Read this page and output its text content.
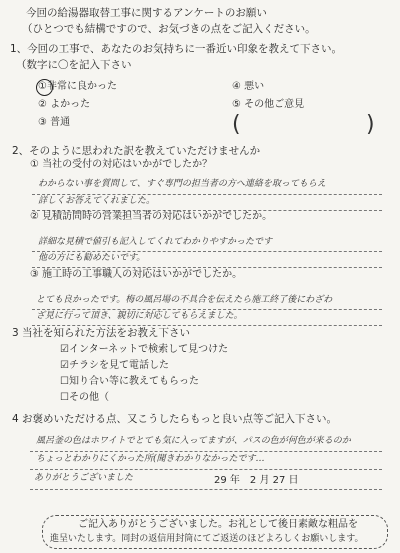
今回の給湯器取替工事に関するアンケートのお願い
（ひとつでも結構ですので、お気づきの点をご記入ください。
1、今回の工事で、あなたのお気持ちに一番近い印象を教えて下さい。
（数字に〇を記入下さい
①非常に良かった
② よかった
③ 普通
④ 悪い
⑤ その他ご意見
(	)
2、そのように思われた訳を教えていただけませんか
① 当社の受付の対応はいかがでしたか？
わからない事を質問して、すぐ専門の担当者の方へ連絡を取ってもらえ
詳しくお答えてくれました。
② 見積訪問時の営業担当者の対応はいかがでしたか。
詳細な見積で値引も記入してくれてわかりやすかったです
他の方にも勧めたいです。
③ 施工時の工事職人の対応はいかがでしたか。
とても良かったです。梅の風呂場の不具合を伝えたら施工終了後にわざわ
ざ見に行って頂き、親切に対応してもらえました。
3 当社を知られた方法をお教え下さい
☑インターネットで検索して見つけた
☑チラシを見て電話した
☐知り合い等に教えてもらった
☐その他（
4 お褒めいただける点、又こうしたらもっと良い点等ご記入下さい。
風呂釜の色はホワイトでとても気に入ってますが、パスの色が何色が来るのか
ちょっとわかりにくかった所(聞きわかりなかったです…
ありがとうございました	29 年　2 月 27 日
ご記入ありがとうございました。お礼として後日素敵な粗品を
進呈いたします。同封の返信用封筒にてご返送のほどよろしくお願いします。
